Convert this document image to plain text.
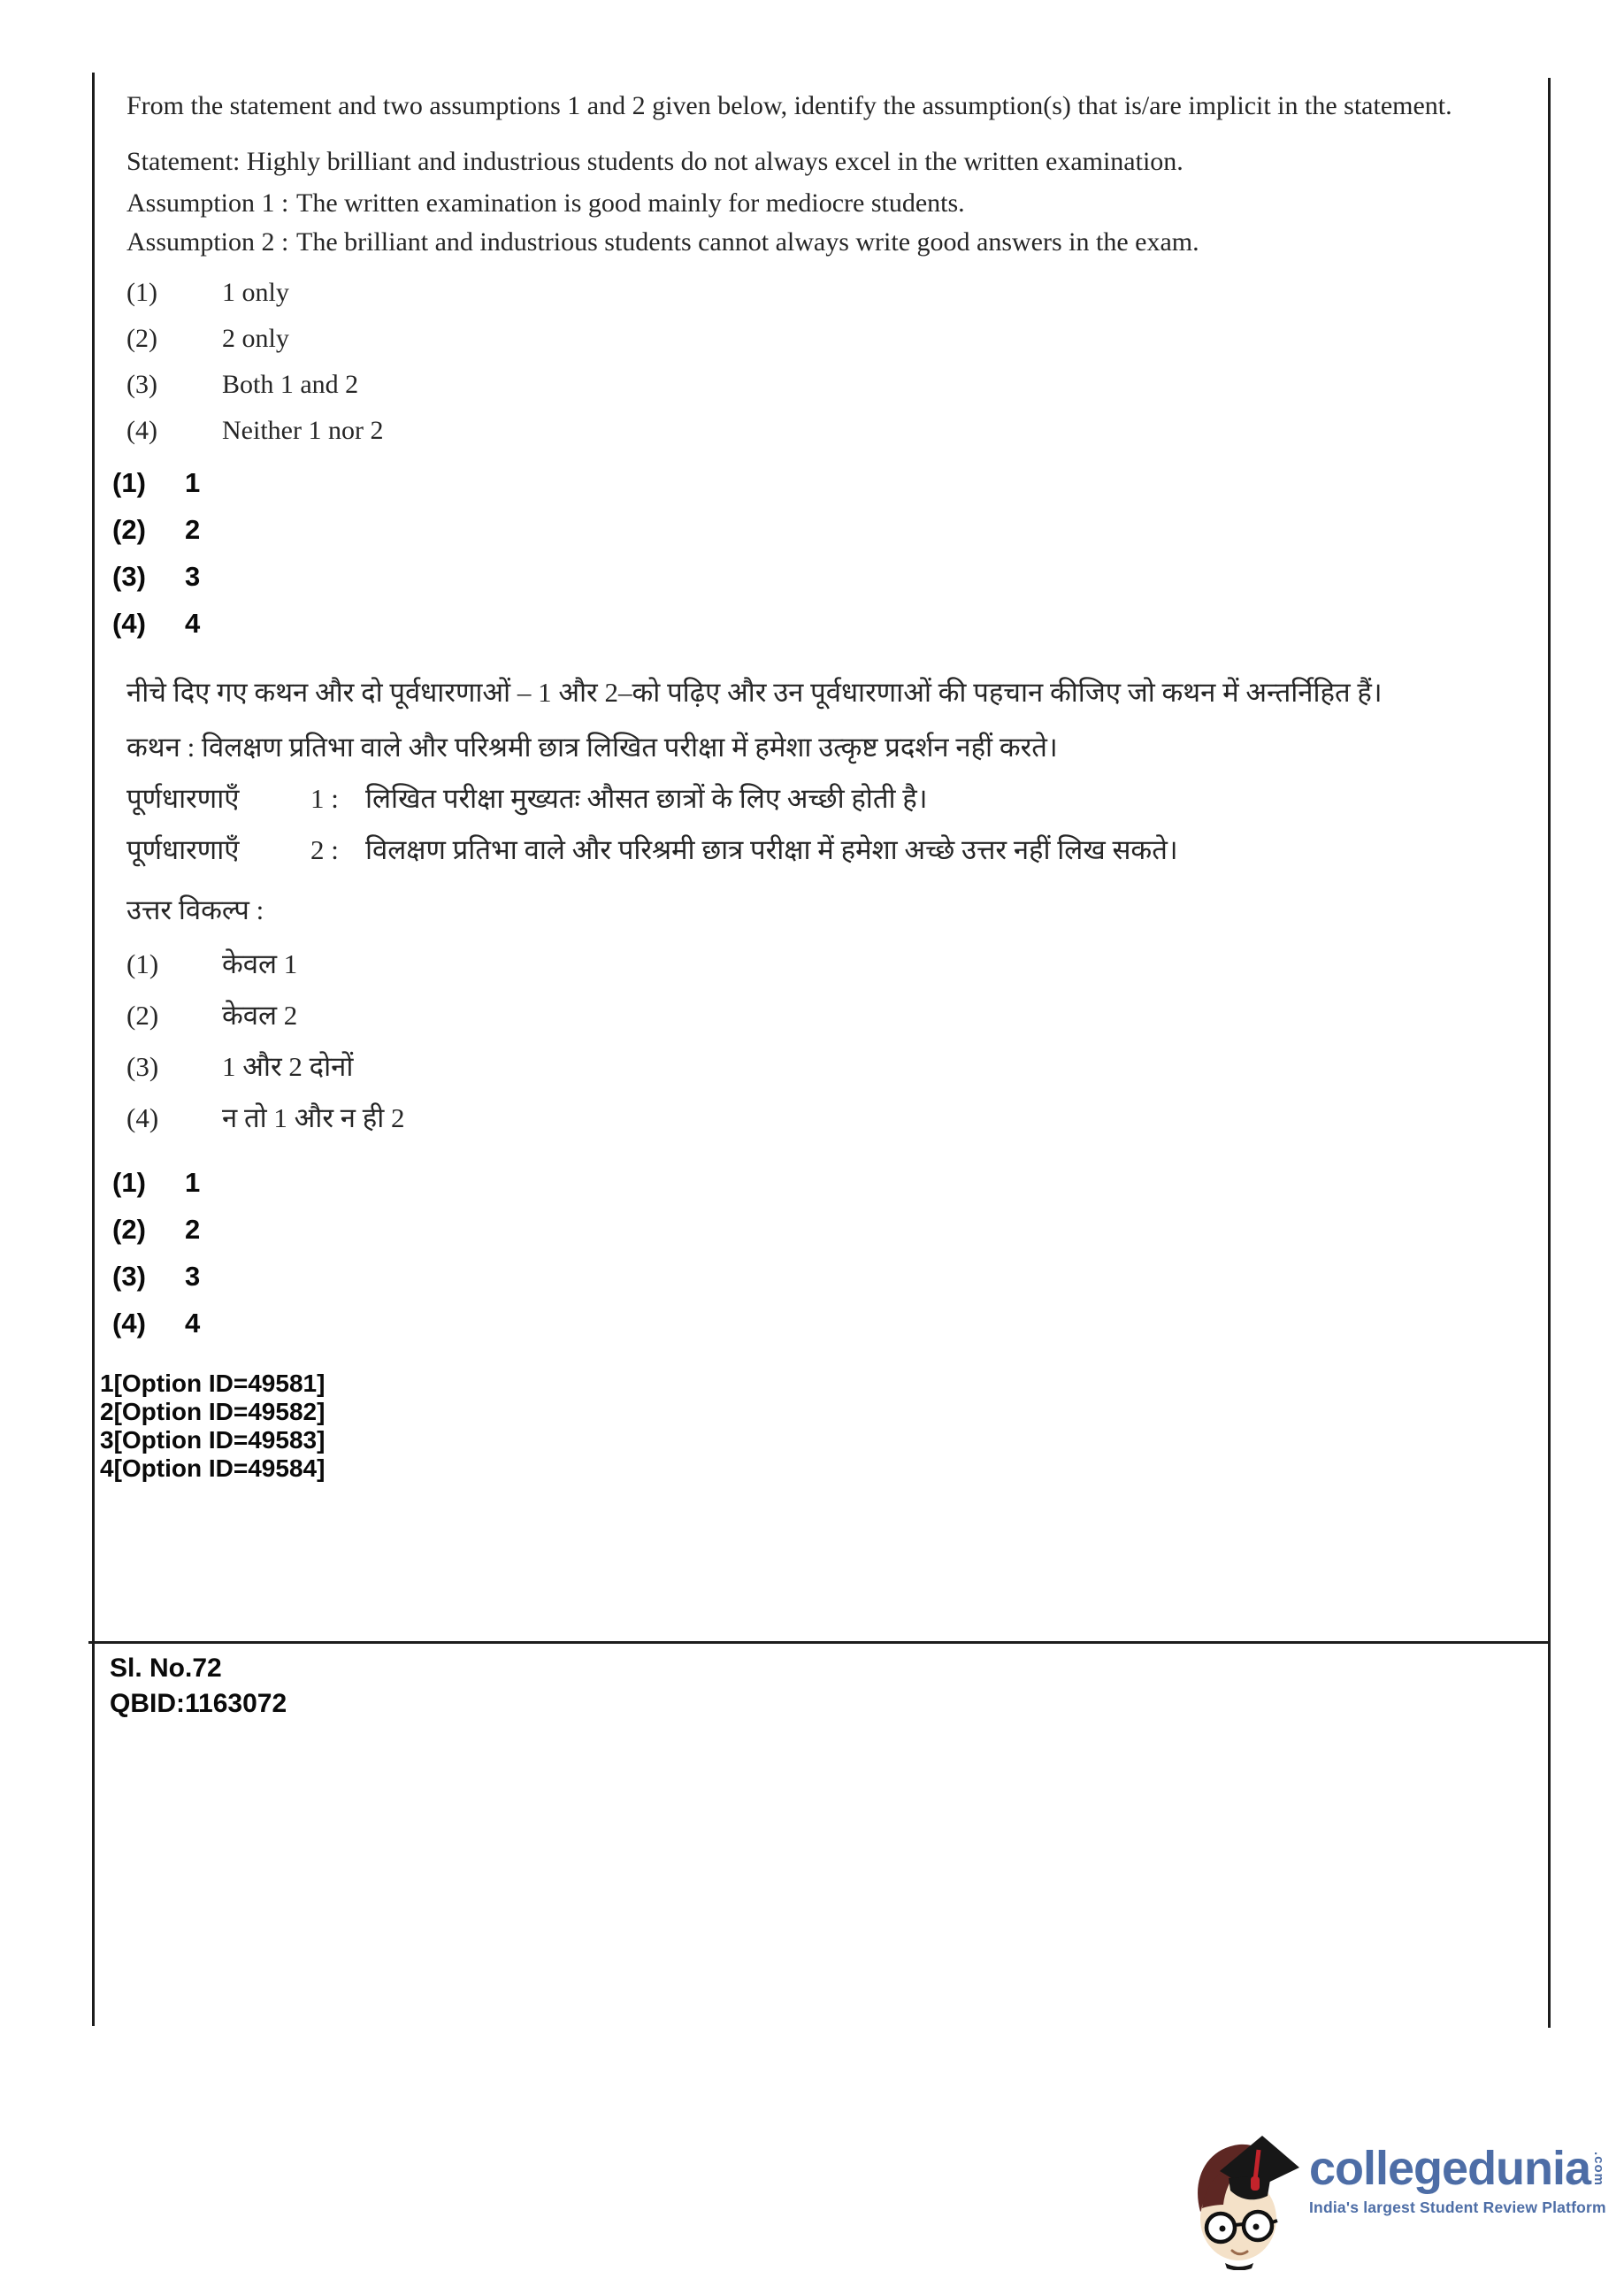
From the statement and two assumptions 1 and 2 given below, identify the assumption(s) that is/are implicit in the statement.
Statement: Highly brilliant and industrious students do not always excel in the written examination.
Assumption 1 : The written examination is good mainly for mediocre students.
Assumption 2 : The brilliant and industrious students cannot always write good answers in the exam.
(1)	1 only
(2)	2 only
(3)	Both 1 and 2
(4)	Neither 1 nor 2
(1)	1
(2)	2
(3)	3
(4)	4
नीचे दिए गए कथन और दो पूर्वधारणाओं – 1 और 2–को पढ़िए और उन पूर्वधारणाओं की पहचान कीजिए जो कथन में अन्तर्निहित हैं।
कथन : विलक्षण प्रतिभा वाले और परिश्रमी छात्र लिखित परीक्षा में हमेशा उत्कृष्ट प्रदर्शन नहीं करते।
पूर्णधारणाएँ	1 : लिखित परीक्षा मुख्यतः औसत छात्रों के लिए अच्छी होती है।
पूर्णधारणाएँ	2 : विलक्षण प्रतिभा वाले और परिश्रमी छात्र परीक्षा में हमेशा अच्छे उत्तर नहीं लिख सकते।
उत्तर विकल्प :
(1)	केवल 1
(2)	केवल 2
(3)	1 और 2 दोनों
(4)	न तो 1 और न ही 2
(1)	1
(2)	2
(3)	3
(4)	4
1[Option ID=49581]
2[Option ID=49582]
3[Option ID=49583]
4[Option ID=49584]
Sl. No.72
QBID:1163072
collegedunia .com
India's largest Student Review Platform
